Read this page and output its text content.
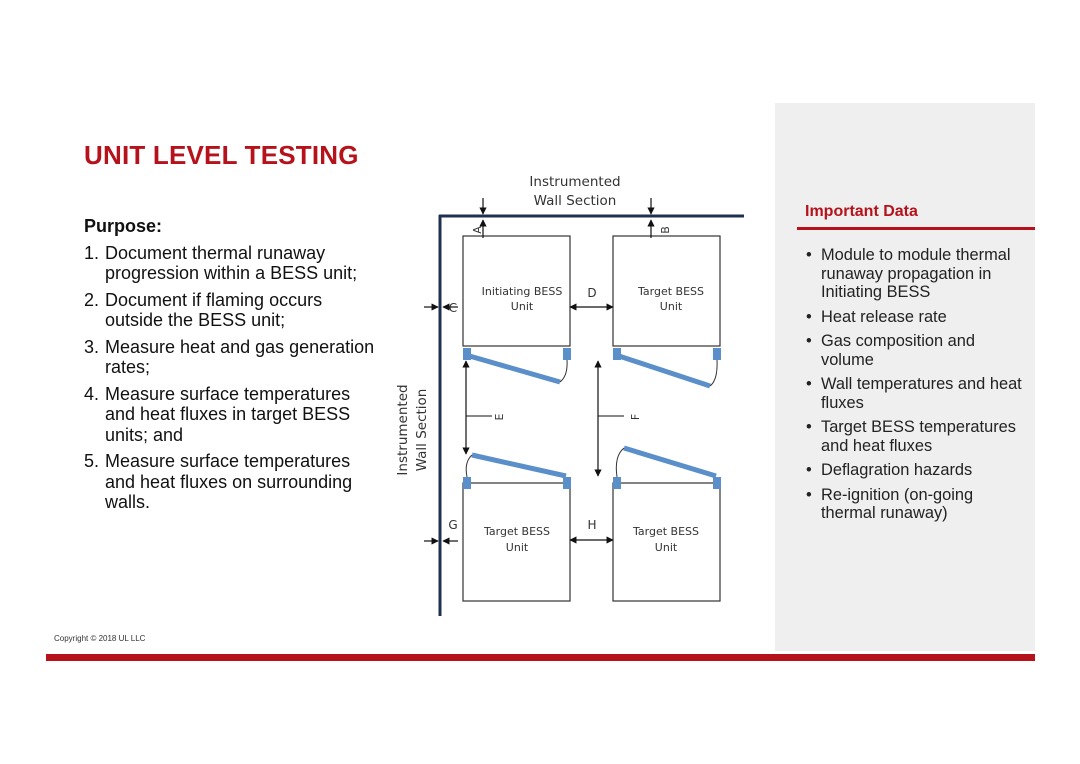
UNIT LEVEL TESTING
Purpose:
1. Document thermal runaway progression within a BESS unit;
2. Document if flaming occurs outside the BESS unit;
3. Measure heat and gas generation rates;
4. Measure surface temperatures and heat fluxes in target BESS units; and
5. Measure surface temperatures and heat fluxes on surrounding walls.
Instrumented
Wall Section
Instrumented Wall Section
Initiating BESS
Unit
Target BESS
Unit
Target BESS
Unit
Target BESS
Unit
A	B
C
D
E	F
G	H
Important Data
• Module to module thermal runaway propagation in Initiating BESS
• Heat release rate
• Gas composition and volume
• Wall temperatures and heat fluxes
• Target BESS temperatures and heat fluxes
• Deflagration hazards
• Re-ignition (on-going thermal runaway)
Copyright © 2018 UL LLC
